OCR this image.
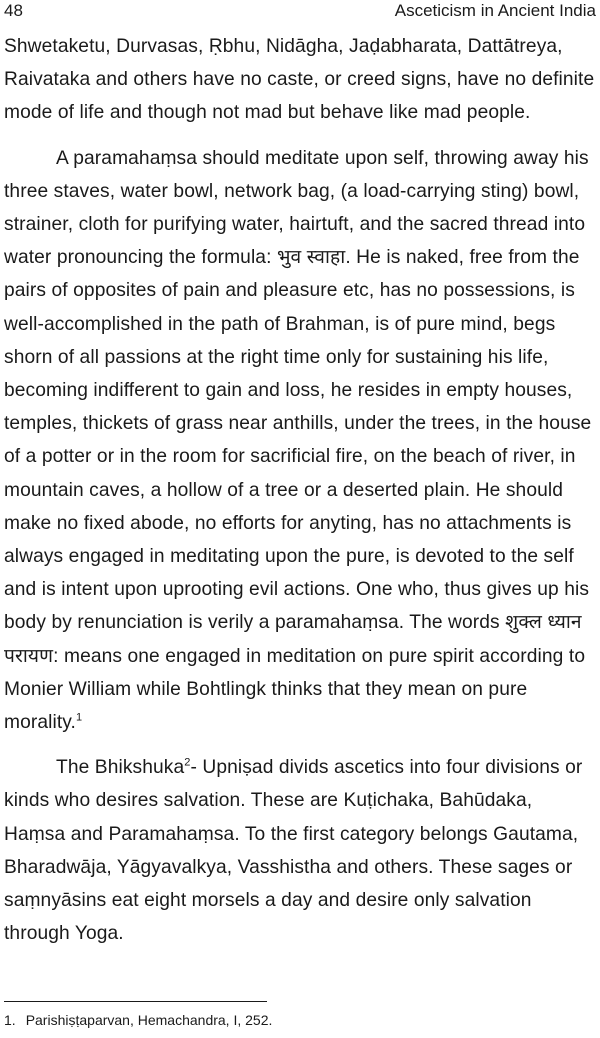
48	Asceticism in Ancient India

Shwetaketu, Durvasas, Ṛbhu, Nidāgha, Jaḍabharata, Dattātreya, Raivataka and others have no caste, or creed signs, have no definite mode of life and though not mad but behave like mad people.

A paramahaṃsa should meditate upon self, throwing away his three staves, water bowl, network bag, (a load-carrying sting) bowl, strainer, cloth for purifying water, hairtuft, and the sacred thread into water pronouncing the formula: भुव स्वाहा. He is naked, free from the pairs of opposites of pain and pleasure etc, has no possessions, is well-accomplished in the path of Brahman, is of pure mind, begs shorn of all passions at the right time only for sustaining his life, becoming indifferent to gain and loss, he resides in empty houses, temples, thickets of grass near anthills, under the trees, in the house of a potter or in the room for sacrificial fire, on the beach of river, in mountain caves, a hollow of a tree or a deserted plain. He should make no fixed abode, no efforts for anyting, has no attachments is always engaged in meditating upon the pure, is devoted to the self and is intent upon uprooting evil actions. One who, thus gives up his body by renunciation is verily a paramahaṃsa. The words शुक्ल ध्यान परायण: means one engaged in meditation on pure spirit according to Monier William while Bohtlingk thinks that they mean on pure morality.$^1$

The Bhikshuka$^2$- Upniṣad divids ascetics into four divisions or kinds who desires salvation. These are Kuṭichaka, Bahūdaka, Haṃsa and Paramahaṃsa. To the first category belongs Gautama, Bharadwāja, Yāgyavalkya, Vasshistha and others. These sages or saṃnyāsins eat eight morsels a day and desire only salvation through Yoga.

1. Parishiṣṭaparvan, Hemachandra, I, 252.
